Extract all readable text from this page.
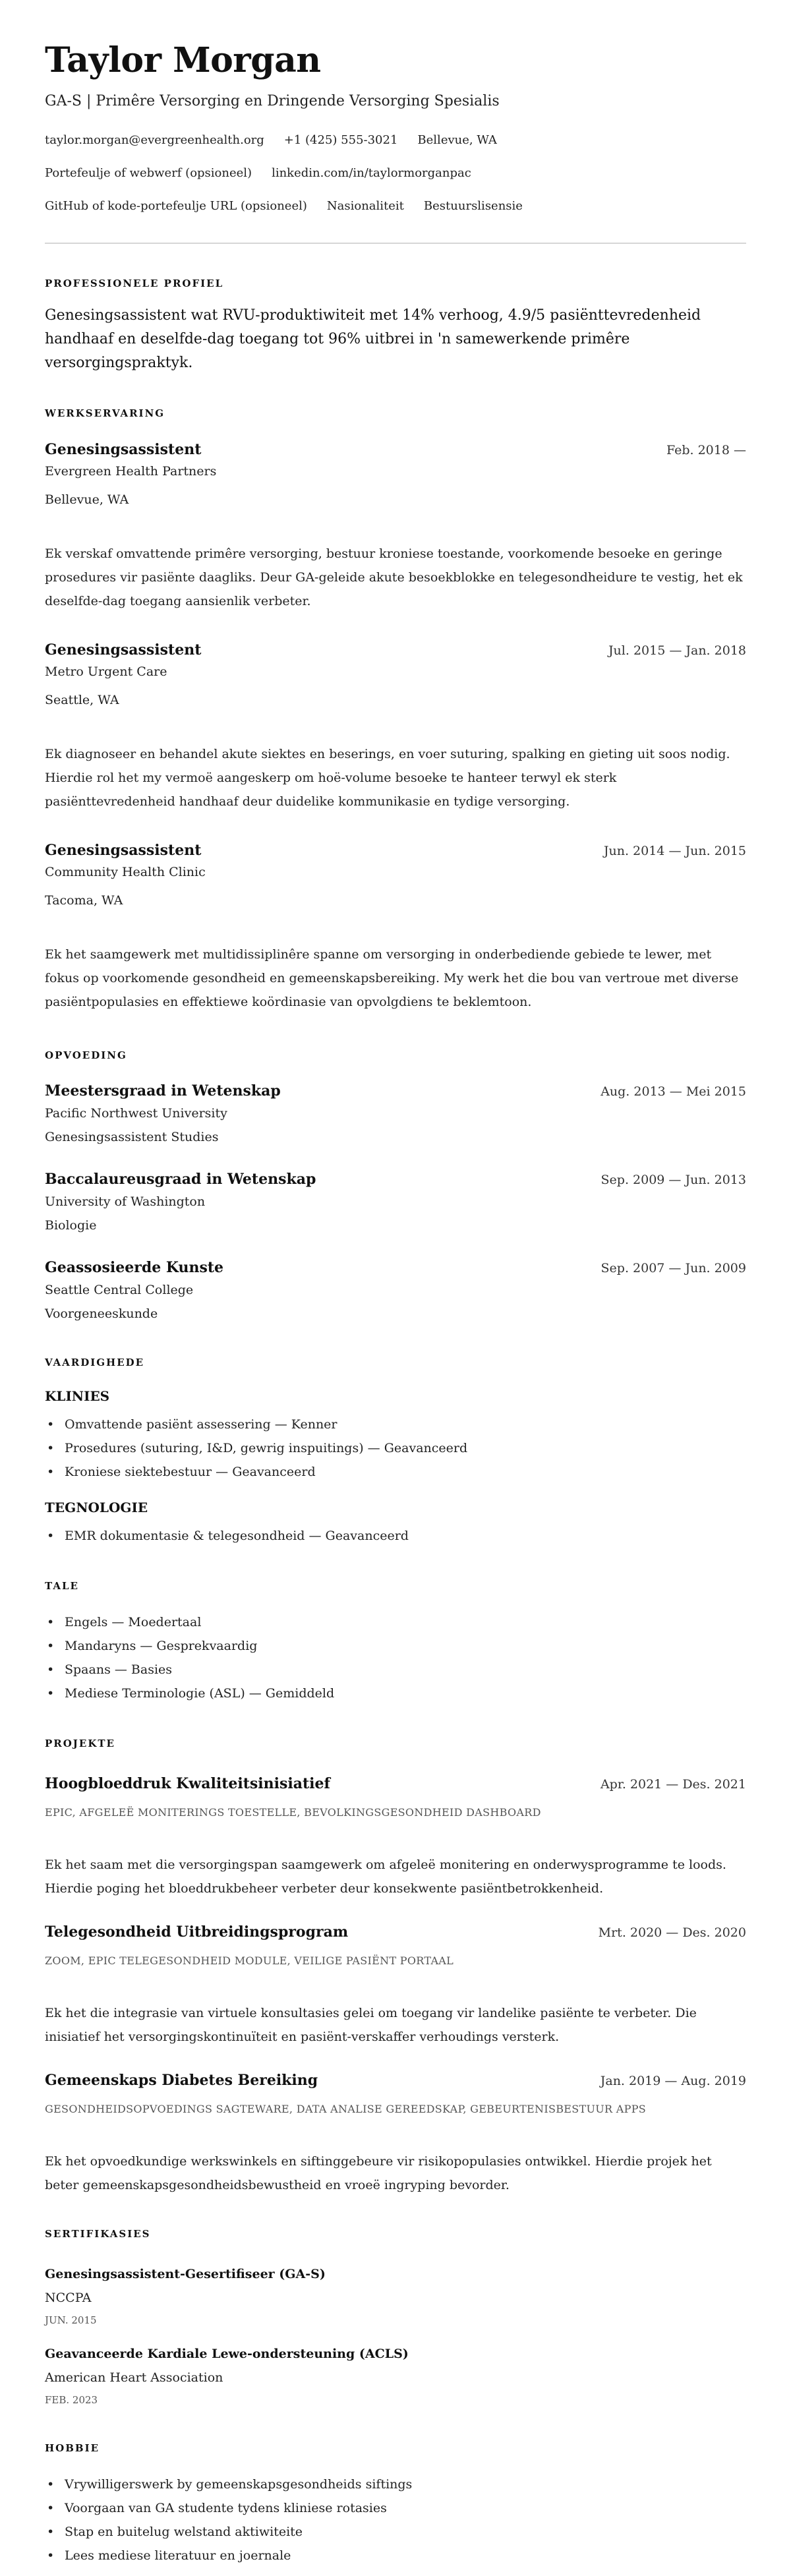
Taylor Morgan
GA-S | Primêre Versorging en Dringende Versorging Spesialis
taylor.morgan@evergreenhealth.org +1 (425) 555-3021 Bellevue, WA
Portefeulje of webwerf (opsioneel) linkedin.com/in/taylormorganpac
GitHub of kode-portefeulje URL (opsioneel) Nasionaliteit Bestuurslisensie
PROFESSIONELE PROFIEL

Genesingsassistent wat RVU-produktiwiteit met 14% verhoog, 4.9/5 pasiënttevredenheid handhaaf en deselfde-dag toegang tot 96% uitbrei in 'n samewerkende primêre versorgingspraktyk.

WERKSERVARING
Genesingsassistent	Feb. 2018 —
Evergreen Health Partners
Bellevue, WA

Ek verskaf omvattende primêre versorging, bestuur kroniese toestande, voorkomende besoeke en geringe prosedures vir pasiënte daagliks. Deur GA-geleide akute besoekblokke en telegesondheidure te vestig, het ek deselfde-dag toegang aansienlik verbeter.

Genesingsassistent	Jul. 2015 — Jan. 2018
Metro Urgent Care
Seattle, WA

Ek diagnoseer en behandel akute siektes en beserings, en voer suturing, spalking en gieting uit soos nodig. Hierdie rol het my vermoë aangeskerp om hoë-volume besoeke te hanteer terwyl ek sterk pasiënttevredenheid handhaaf deur duidelike kommunikasie en tydige versorging.

Genesingsassistent	Jun. 2014 — Jun. 2015
Community Health Clinic
Tacoma, WA

Ek het saamgewerk met multidissiplinêre spanne om versorging in onderbediende gebiede te lewer, met fokus op voorkomende gesondheid en gemeenskapsbereiking. My werk het die bou van vertroue met diverse pasiëntpopulasies en effektiewe koördinasie van opvolgdiens te beklemtoon.

OPVOEDING
Meestersgraad in Wetenskap	Aug. 2013 — Mei 2015
Pacific Northwest University
Genesingsassistent Studies
Baccalaureusgraad in Wetenskap	Sep. 2009 — Jun. 2013
University of Washington
Biologie
Geassosieerde Kunste	Sep. 2007 — Jun. 2009
Seattle Central College
Voorgeneeskunde
VAARDIGHEDE
KLINIES
• Omvattende pasiënt assessering — Kenner
• Prosedures (suturing, I&D, gewrig inspuitings) — Geavanceerd
• Kroniese siektebestuur — Geavanceerd
TEGNOLOGIE
• EMR dokumentasie & telegesondheid — Geavanceerd
TALE
• Engels — Moedertaal
• Mandaryns — Gesprekvaardig
• Spaans — Basies
• Mediese Terminologie (ASL) — Gemiddeld
PROJEKTE
Hoogbloeddruk Kwaliteitsinisiatief	Apr. 2021 — Des. 2021
EPIC, AFGELEË MONITERINGS TOESTELLE, BEVOLKINGSGESONDHEID DASHBOARD

Ek het saam met die versorgingspan saamgewerk om afgeleë monitering en onderwysprogramme te loods. Hierdie poging het bloeddrukbeheer verbeter deur konsekwente pasiëntbetrokkenheid.

Telegesondheid Uitbreidingsprogram	Mrt. 2020 — Des. 2020
ZOOM, EPIC TELEGESONDHEID MODULE, VEILIGE PASIËNT PORTAAL

Ek het die integrasie van virtuele konsultasies gelei om toegang vir landelike pasiënte te verbeter. Die inisiatief het versorgingskontinuïteit en pasiënt-verskaffer verhoudings versterk.

Gemeenskaps Diabetes Bereiking	Jan. 2019 — Aug. 2019
GESONDHEIDSOPVOEDINGS SAGTEWARE, DATA ANALISE GEREEDSKAP, GEBEURTENISBESTUUR APPS

Ek het opvoedkundige werkswinkels en siftinggebeure vir risikopopulasies ontwikkel. Hierdie projek het beter gemeenskapsgesondheidsbewustheid en vroeë ingryping bevorder.

SERTIFIKASIES
Genesingsassistent-Gesertifiseer (GA-S)
NCCPA
JUN. 2015
Geavanceerde Kardiale Lewe-ondersteuning (ACLS)
American Heart Association
FEB. 2023
HOBBIE
• Vrywilligerswerk by gemeenskapsgesondheids siftings
• Voorgaan van GA studente tydens kliniese rotasies
• Stap en buitelug welstand aktiwiteite
• Lees mediese literatuur en joernale
